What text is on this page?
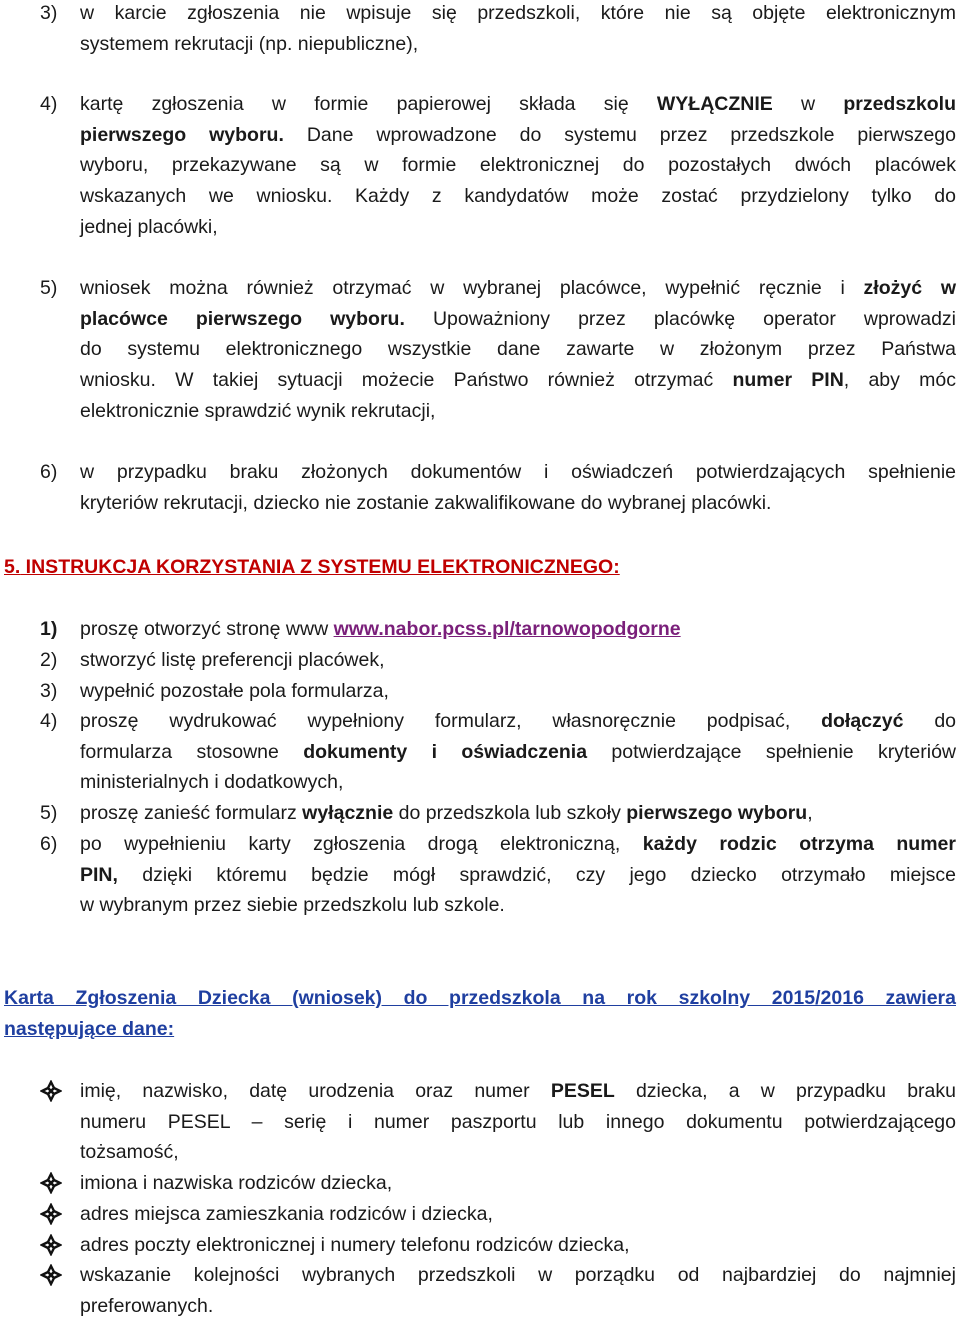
3) w karcie zgłoszenia nie wpisuje się przedszkoli, które nie są objęte elektronicznym
systemem rekrutacji (np. niepubliczne),
4) kartę zgłoszenia w formie papierowej składa się WYŁĄCZNIE w przedszkolu
pierwszego wyboru. Dane wprowadzone do systemu przez przedszkole pierwszego
wyboru, przekazywane są w formie elektronicznej do pozostałych dwóch placówek
wskazanych we wniosku. Każdy z kandydatów może zostać przydzielony tylko do
jednej placówki,
5) wniosek można również otrzymać w wybranej placówce, wypełnić ręcznie i złożyć w
placówce pierwszego wyboru. Upoważniony przez placówkę operator wprowadzi
do systemu elektronicznego wszystkie dane zawarte w złożonym przez Państwa
wniosku. W takiej sytuacji możecie Państwo również otrzymać numer PIN, aby móc
elektronicznie sprawdzić wynik rekrutacji,
6) w przypadku braku złożonych dokumentów i oświadczeń potwierdzających spełnienie
kryteriów rekrutacji, dziecko nie zostanie zakwalifikowane do wybranej placówki.
5. INSTRUKCJA KORZYSTANIA Z SYSTEMU ELEKTRONICZNEGO:
1) proszę otworzyć stronę www www.nabor.pcss.pl/tarnowopodgorne
2) stworzyć listę preferencji placówek,
3) wypełnić pozostałe pola formularza,
4) proszę wydrukować wypełniony formularz, własnoręcznie podpisać, dołączyć do
formularza stosowne dokumenty i oświadczenia potwierdzające spełnienie kryteriów
ministerialnych i dodatkowych,
5) proszę zanieść formularz wyłącznie do przedszkola lub szkoły pierwszego wyboru,
6) po wypełnieniu karty zgłoszenia drogą elektroniczną, każdy rodzic otrzyma numer
PIN, dzięki któremu będzie mógł sprawdzić, czy jego dziecko otrzymało miejsce
w wybranym przez siebie przedszkolu lub szkole.
Karta Zgłoszenia Dziecka (wniosek) do przedszkola na rok szkolny 2015/2016 zawiera
następujące dane:
imię, nazwisko, datę urodzenia oraz numer PESEL dziecka, a w przypadku braku
numeru PESEL – serię i numer paszportu lub innego dokumentu potwierdzającego
tożsamość,
imiona i nazwiska rodziców dziecka,
adres miejsca zamieszkania rodziców i dziecka,
adres poczty elektronicznej i numery telefonu rodziców dziecka,
wskazanie kolejności wybranych przedszkoli w porządku od najbardziej do najmniej
preferowanych.
